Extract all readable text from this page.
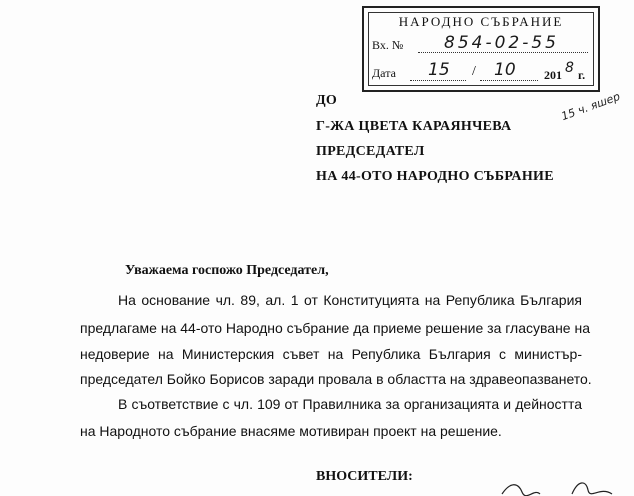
НАРОДНО СЪБРАНИЕ
Вх. № 854-02-55
Дата 15 / 10 201 8 г.
15 ч. яшер
ДО
Г-ЖА ЦВЕТА КАРАЯНЧЕВА
ПРЕДСЕДАТЕЛ
НА 44-ОТО НАРОДНО СЪБРАНИЕ
Уважаема госпожо Председател,
На основание чл. 89, ал. 1 от Конституцията на Република България
предлагаме на 44-ото Народно събрание да приеме решение за гласуване на
недоверие на Министерския съвет на Република България с министър-
председател Бойко Борисов заради провала в областта на здравеопазването.
В съответствие с чл. 109 от Правилника за организацията и дейността
на Народното събрание внасяме мотивиран проект на решение.
ВНОСИТЕЛИ:
